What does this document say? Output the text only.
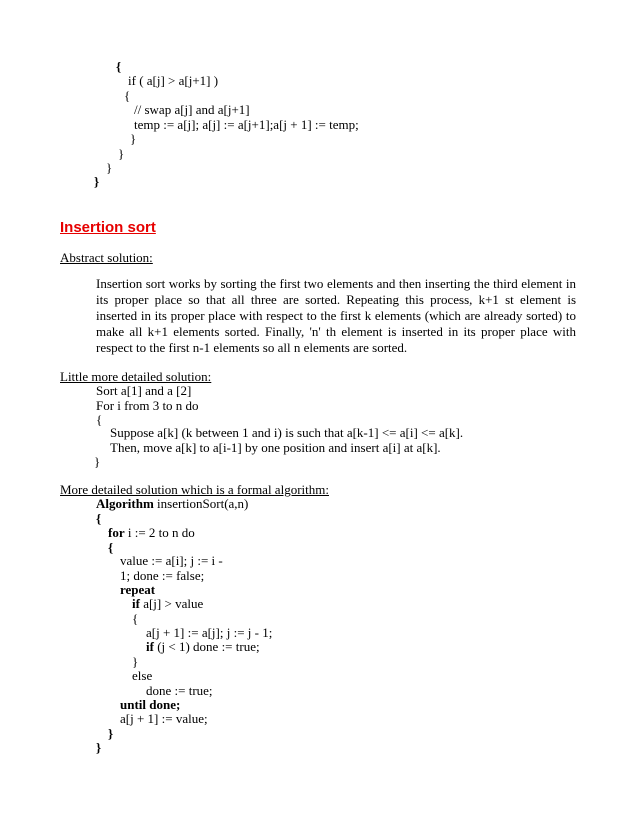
{
if ( a[j] > a[j+1] )
{
// swap a[j] and a[j+1]
temp := a[j]; a[j] := a[j+1];a[j + 1] := temp;
}
}
}
}
Insertion sort
Abstract solution:
Insertion sort works by sorting the first two elements and then inserting the third element in its proper place so that all three are sorted. Repeating this process, k+1 st element is inserted in its proper place with respect to the first k elements (which are already sorted) to make all k+1 elements sorted. Finally, 'n' th element is inserted in its proper place with respect to the first n-1 elements so all n elements are sorted.
Little more detailed solution:
Sort a[1] and a [2]
For i from 3 to n do
{
Suppose a[k] (k between 1 and i) is such that a[k-1] <= a[i] <= a[k].
Then, move a[k] to a[i-1] by one position and insert a[i] at a[k].
}
More detailed solution which is a formal algorithm:
Algorithm insertionSort(a,n)
{
for i := 2 to n do
{
value := a[i]; j := i -
1; done := false;
repeat
if a[j] > value
{
a[j + 1] := a[j]; j := j - 1;
if (j < 1) done := true;
}
else
done := true;
until done;
a[j + 1] := value;
}
}
